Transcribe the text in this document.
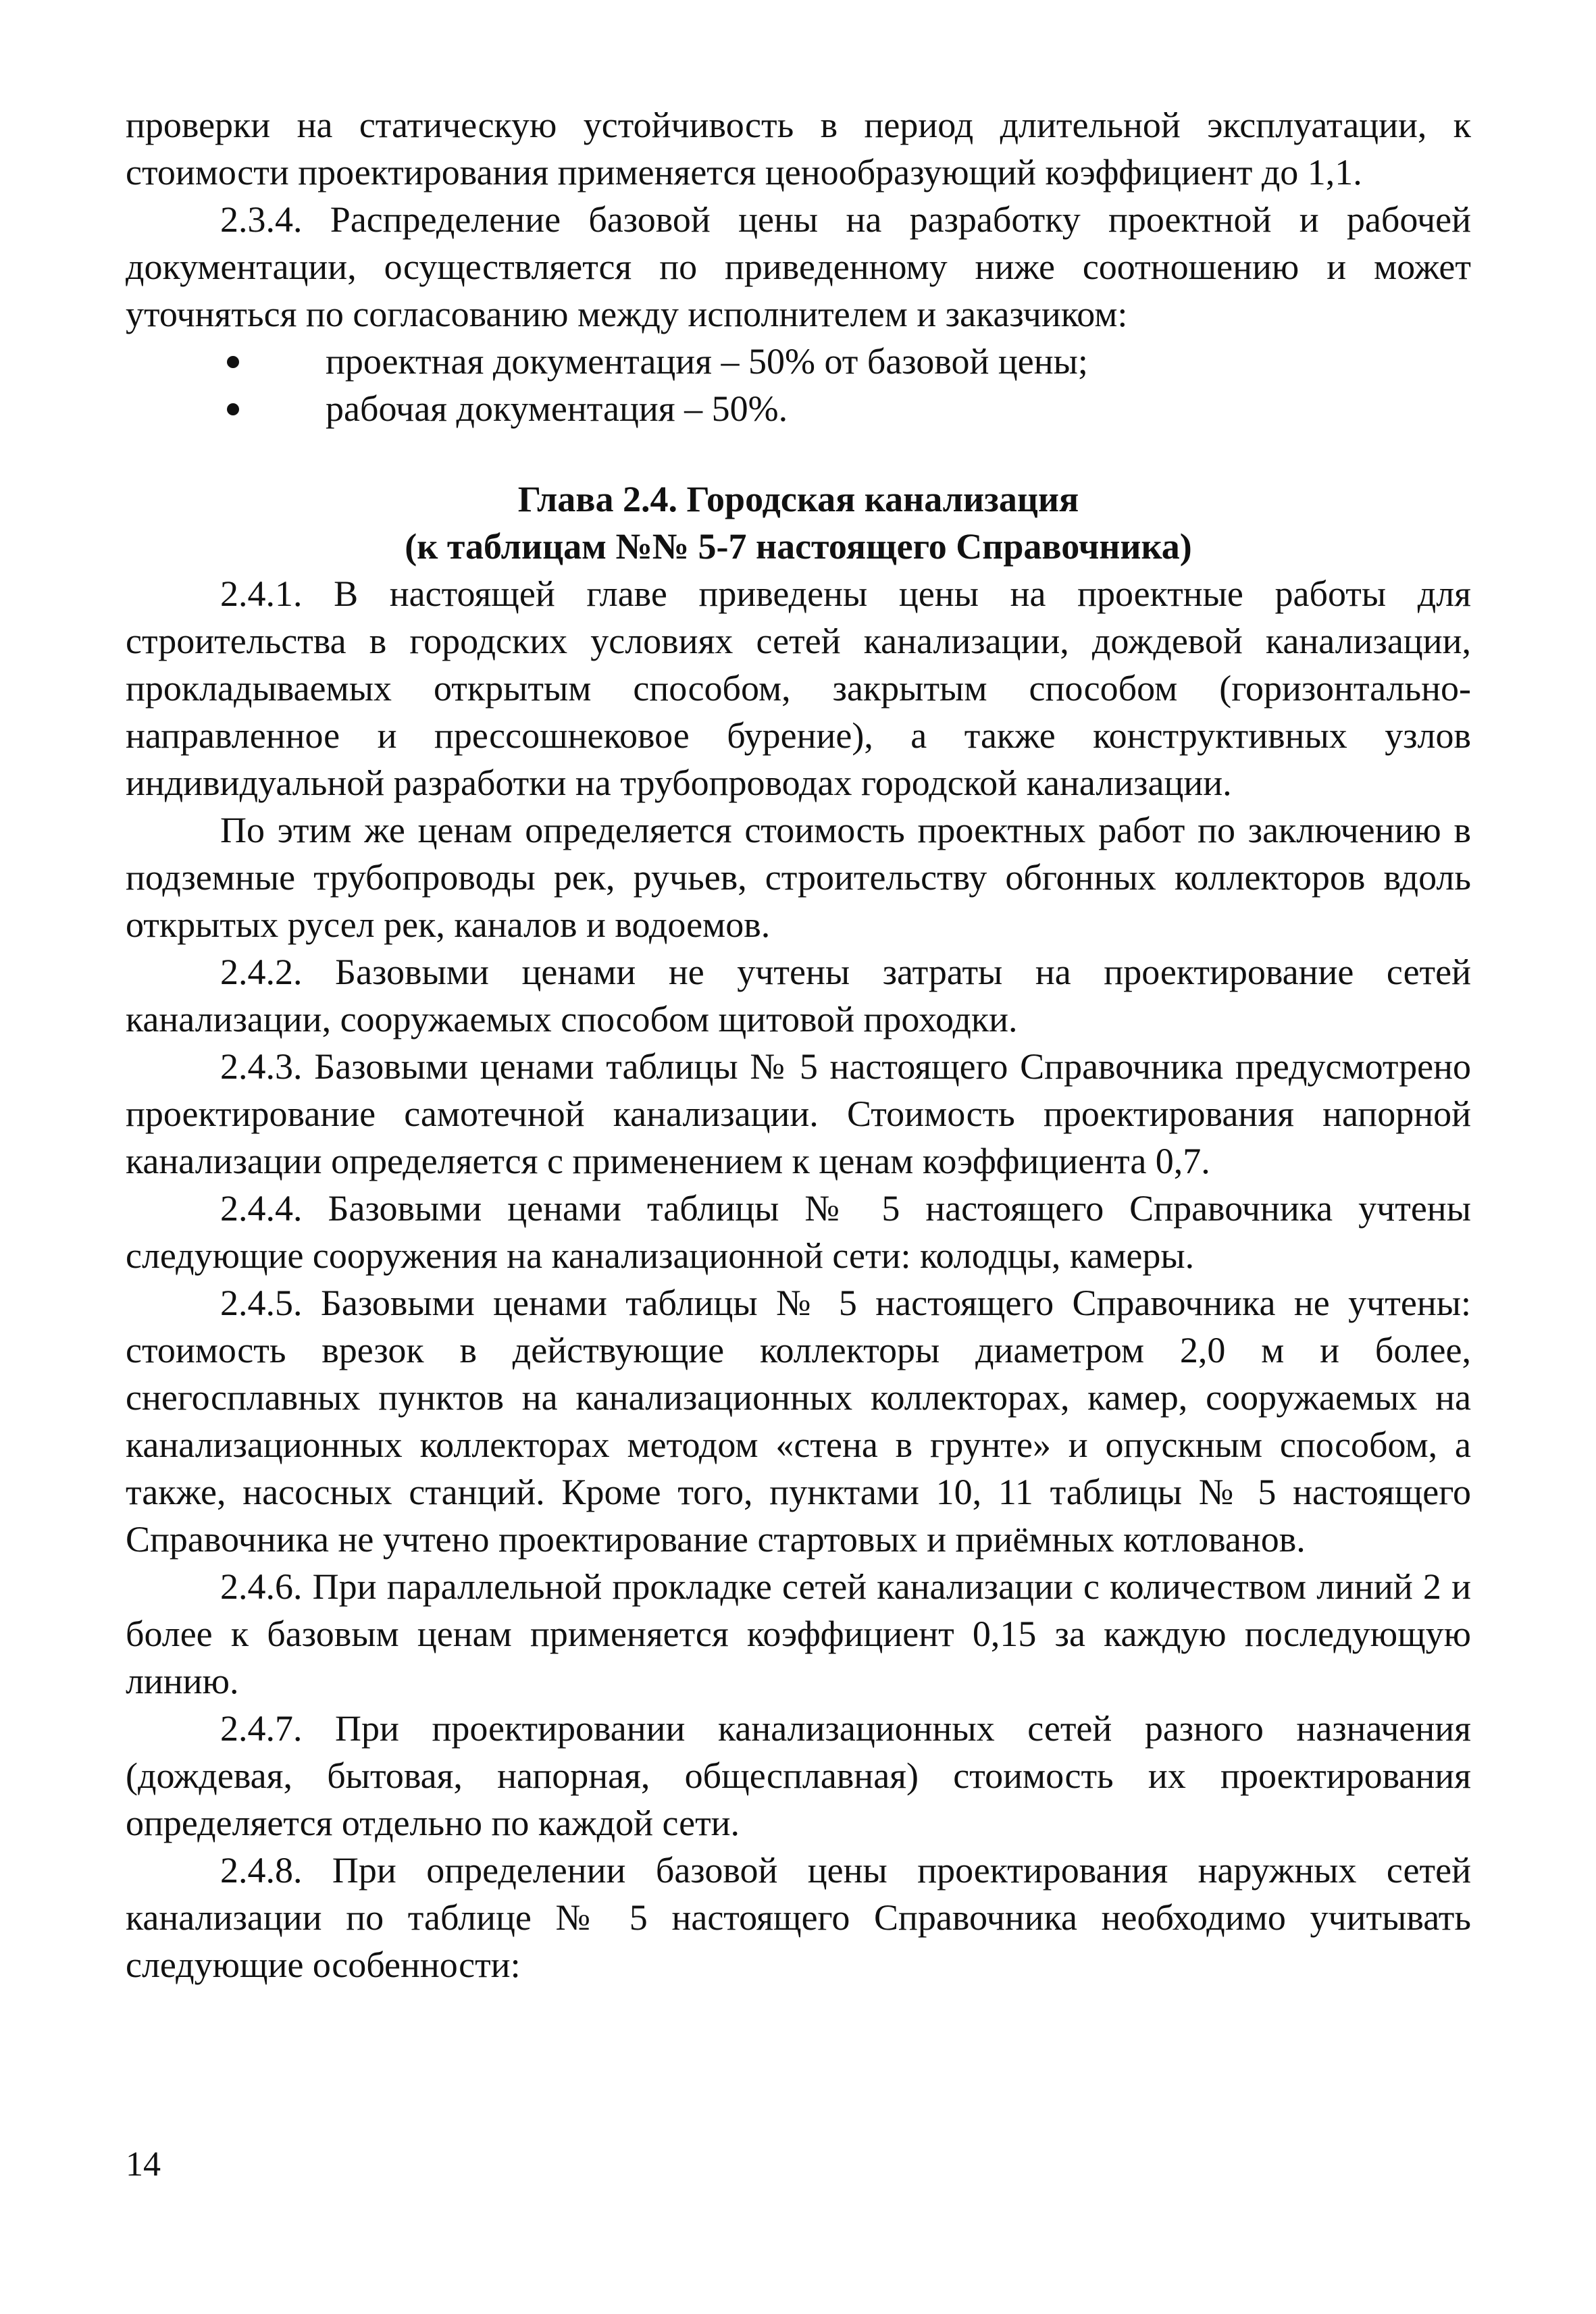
проверки на статическую устойчивость в период длительной эксплуатации, к стоимости проектирования применяется ценообразующий коэффициент до 1,1.

2.3.4. Распределение базовой цены на разработку проектной и рабочей документации, осуществляется по приведенному ниже соотношению и может уточняться по согласованию между исполнителем и заказчиком:

проектная документация – 50% от базовой цены;
рабочая документация – 50%.

Глава 2.4. Городская канализация

(к таблицам №№ 5-7 настоящего Справочника)

2.4.1. В настоящей главе приведены цены на проектные работы для строительства в городских условиях сетей канализации, дождевой канализации, прокладываемых открытым способом, закрытым способом (горизонтально-направленное и прессошнековое бурение), а также конструктивных узлов индивидуальной разработки на трубопроводах городской канализации.

По этим же ценам определяется стоимость проектных работ по заключению в подземные трубопроводы рек, ручьев, строительству обгонных коллекторов вдоль открытых русел рек, каналов и водоемов.

2.4.2. Базовыми ценами не учтены затраты на проектирование сетей канализации, сооружаемых способом щитовой проходки.

2.4.3. Базовыми ценами таблицы № 5 настоящего Справочника предусмотрено проектирование самотечной канализации. Стоимость проектирования напорной канализации определяется с применением к ценам коэффициента 0,7.

2.4.4. Базовыми ценами таблицы № 5 настоящего Справочника учтены следующие сооружения на канализационной сети: колодцы, камеры.

2.4.5. Базовыми ценами таблицы № 5 настоящего Справочника не учтены: стоимость врезок в действующие коллекторы диаметром 2,0 м и более, снегосплавных пунктов на канализационных коллекторах, камер, сооружаемых на канализационных коллекторах методом «стена в грунте» и опускным способом, а также, насосных станций. Кроме того, пунктами 10, 11 таблицы № 5 настоящего Справочника не учтено проектирование стартовых и приёмных котлованов.

2.4.6. При параллельной прокладке сетей канализации с количеством линий 2 и более к базовым ценам применяется коэффициент 0,15 за каждую последующую линию.

2.4.7. При проектировании канализационных сетей разного назначения (дождевая, бытовая, напорная, общесплавная) стоимость их проектирования определяется отдельно по каждой сети.

2.4.8. При определении базовой цены проектирования наружных сетей канализации по таблице № 5 настоящего Справочника необходимо учитывать следующие особенности:

14
